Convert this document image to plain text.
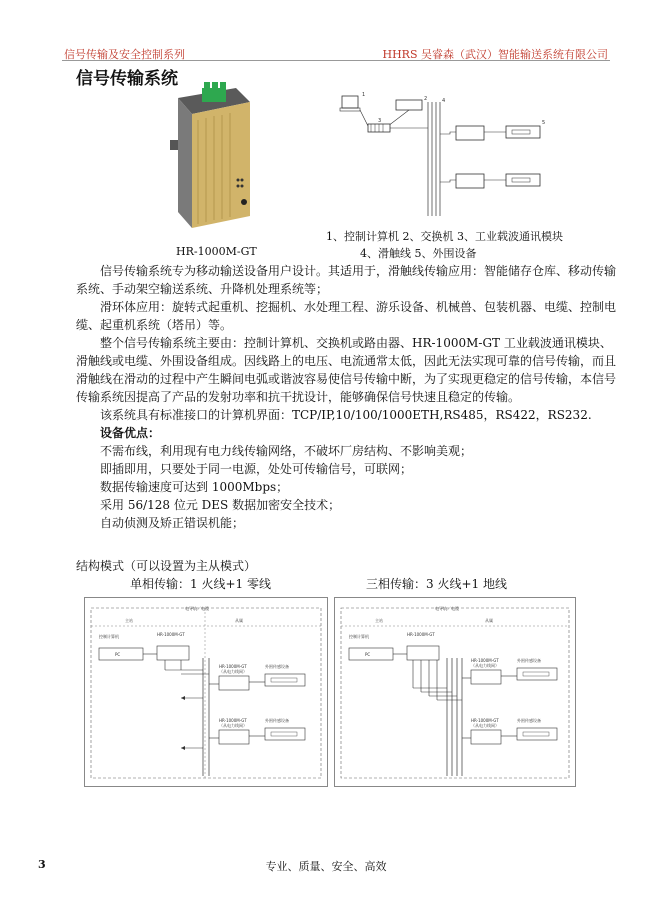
信号传输及安全控制系列	HHRS 吴睿森（武汉）智能输送系统有限公司
信号传输系统
HR-1000M-GT
1
2
3
4
5
1、控制计算机 2、交换机 3、工业载波通讯模块
4、滑触线 5、外围设备

信号传输系统专为移动输送设备用户设计。其适用于，滑触线传输应用：智能储存仓库、移动传输系统、手动架空输送系统、升降机处理系统等；

滑环体应用：旋转式起重机、挖掘机、水处理工程、游乐设备、机械兽、包装机器、电缆、控制电缆、起重机系统（塔吊）等。

整个信号传输系统主要由：控制计算机、交换机或路由器、HR-1000M-GT 工业载波通讯模块、滑触线或电缆、外围设备组成。因线路上的电压、电流通常太低，因此无法实现可靠的信号传输，而且滑触线在滑动的过程中产生瞬间电弧或谐波容易使信号传输中断，为了实现更稳定的信号传输，本信号传输系统因提高了产品的发射功率和抗干扰设计，能够确保信号快速且稳定的传输。

该系统具有标准接口的计算机界面：TCP/IP,10/100/1000ETH,RS485，RS422，RS232.

设备优点：

不需布线，利用现有电力线传输网络，不破坏厂房结构、不影响美观；

即插即用，只要处于同一电源，处处可传输信号，可联网；

数据传输速度可达到 1000Mbps；

采用 56/128 位元 DES 数据加密安全技术；

自动侦测及矫正错误机能；

结构模式（可以设置为主从模式）
单相传输：1 火线+1 零线	三相传输：3 火线+1 地线
电导轨／电缆
主站	从属
控制计算机
PC
HR-1000M-GT
HR-1000M-GT
（从电力线网）
外围传感设备
HR-1000M-GT
（从电力线网）
外围传感设备
电导轨／电缆
主站	从属
控制计算机
PC
HR-1000M-GT
HR-1000M-GT
（从电力线网）
外围传感设备
HR-1000M-GT
（从电力线网）
外围传感设备
3	专业、质量、安全、高效
